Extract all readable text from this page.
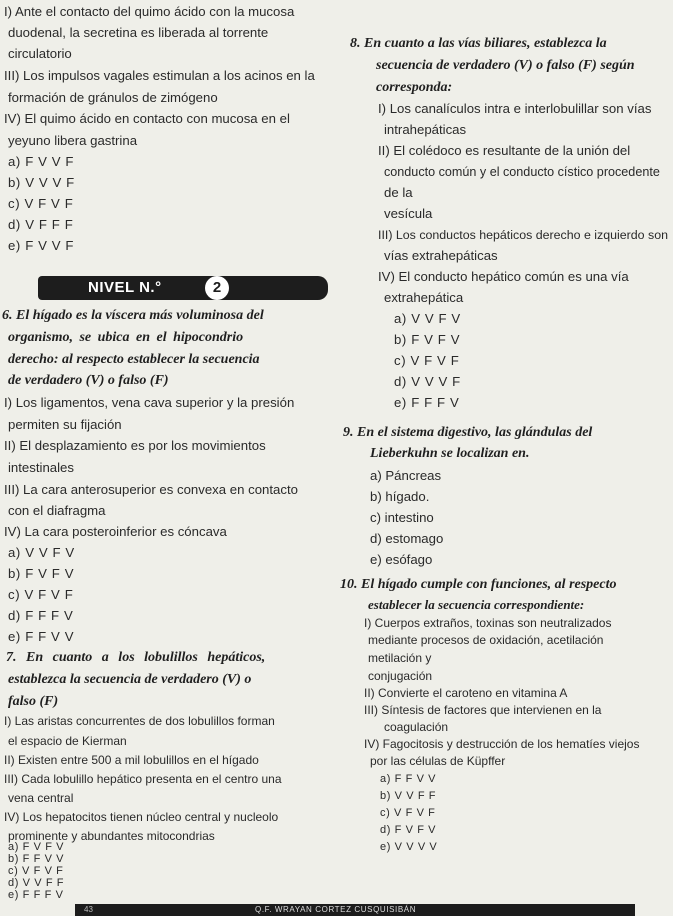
I) Ante el contacto del quimo ácido con la mucosa
duodenal, la secretina es liberada al torrente
circulatorio
III) Los impulsos vagales estimulan a los acinos en la
formación de gránulos de zimógeno
IV) El quimo ácido en contacto con mucosa en el
yeyuno libera gastrina
a) F V V F
b) V V V F
c) V F V F
d) V F F F
e) F V V F
NIVEL N.°	2
6. El hígado es la víscera más voluminosa del
organismo, se ubica en el hipocondrio
derecho: al respecto establecer la secuencia
de verdadero (V) o falso (F)
I) Los ligamentos, vena cava superior y la presión
permiten su fijación
II) El desplazamiento es por los movimientos
intestinales
III) La cara anterosuperior es convexa en contacto
con el diafragma
IV) La cara posteroinferior es cóncava
a) V V F V
b) F V F V
c) V F V F
d) F F F V
e) F F V V
7. En cuanto a los lobulillos hepáticos,
establezca la secuencia de verdadero (V) o
falso (F)
I) Las aristas concurrentes de dos lobulillos forman
el espacio de Kierman
II) Existen entre 500 a mil lobulillos en el hígado
III) Cada lobulillo hepático presenta en el centro una
vena central
IV) Los hepatocitos tienen núcleo central y nucleolo
prominente y abundantes mitocondrias
a) F V F V
b) F F V V
c) V F V F
d) V V F F
e) F F F V
8. En cuanto a las vías biliares, establezca la
secuencia de verdadero (V) o falso (F) según
corresponda:
I) Los canalículos intra e interlobulillar son vías
intrahepáticas
II) El colédoco es resultante de la unión del
conducto común y el conducto cístico procedente
de la
vesícula
III) Los conductos hepáticos derecho e izquierdo son
vías extrahepáticas
IV) El conducto hepático común es una vía
extrahepática
a) V V F V
b) F V F V
c) V F V F
d) V V V F
e) F F F V
9. En el sistema digestivo, las glándulas del
Lieberkuhn se localizan en.
a) Páncreas
b) hígado.
c) intestino
d) estomago
e) esófago
10. El hígado cumple con funciones, al respecto
establecer la secuencia correspondiente:
I) Cuerpos extraños, toxinas son neutralizados
mediante procesos de oxidación, acetilación
metilación y
conjugación
II) Convierte el caroteno en vitamina A
III) Síntesis de factores que intervienen en la
coagulación
IV) Fagocitosis y destrucción de los hematíes viejos
por las células de Küpffer
a) F F V V
b) V V F F
c) V F V F
d) F V F V
e) V V V V
43	Q.F. WRAYAN CORTEZ CUSQUISIBÁN
